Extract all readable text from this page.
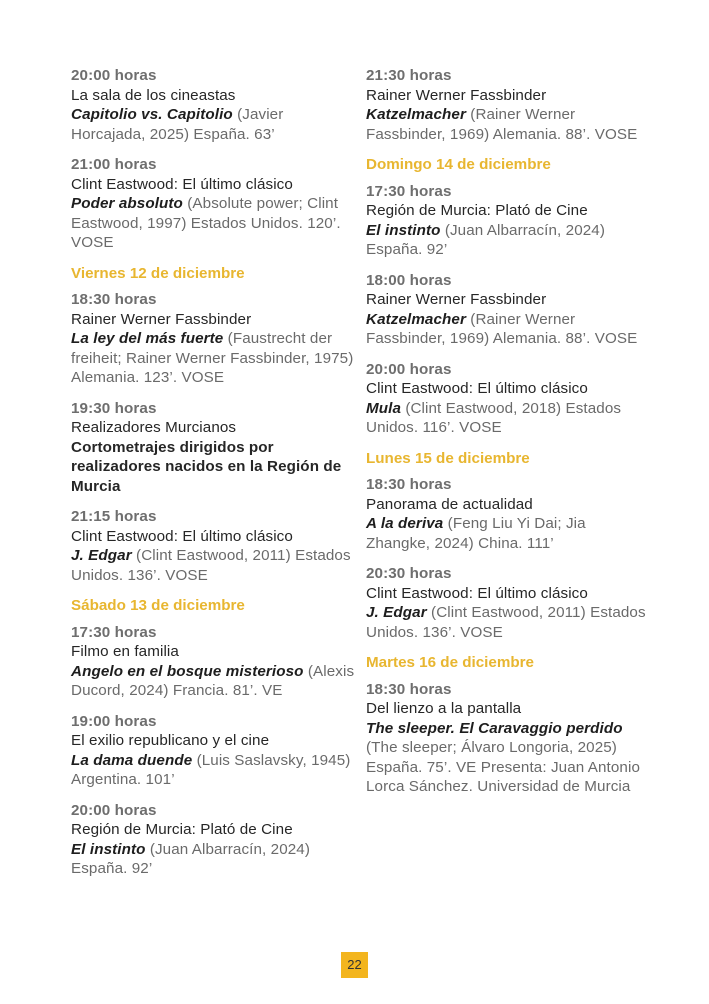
20:00 horas
La sala de los cineastas
Capitolio vs. Capitolio (Javier Horcajada, 2025) España. 63’
21:00 horas
Clint Eastwood: El último clásico
Poder absoluto (Absolute power; Clint Eastwood, 1997) Estados Unidos. 120’. VOSE
Viernes 12 de diciembre
18:30 horas
Rainer Werner Fassbinder
La ley del más fuerte (Faustrecht der freiheit; Rainer Werner Fassbinder, 1975) Alemania. 123’. VOSE
19:30 horas
Realizadores Murcianos
Cortometrajes dirigidos por realizadores nacidos en la Región de Murcia
21:15 horas
Clint Eastwood: El último clásico
J. Edgar (Clint Eastwood, 2011) Estados Unidos. 136’. VOSE
Sábado 13 de diciembre
17:30 horas
Filmo en familia
Angelo en el bosque misterioso (Alexis Ducord, 2024) Francia. 81’. VE
19:00 horas
El exilio republicano y el cine
La dama duende (Luis Saslavsky, 1945) Argentina. 101’
20:00 horas
Región de Murcia: Plató de Cine
El instinto (Juan Albarracín, 2024) España. 92’
21:30 horas
Rainer Werner Fassbinder
Katzelmacher (Rainer Werner Fassbinder, 1969) Alemania. 88’. VOSE
Domingo 14 de diciembre
17:30 horas
Región de Murcia: Plató de Cine
El instinto (Juan Albarracín, 2024) España. 92’
18:00 horas
Rainer Werner Fassbinder
Katzelmacher (Rainer Werner Fassbinder, 1969) Alemania. 88’. VOSE
20:00 horas
Clint Eastwood: El último clásico
Mula (Clint Eastwood, 2018) Estados Unidos. 116’. VOSE
Lunes 15 de diciembre
18:30 horas
Panorama de actualidad
A la deriva (Feng Liu Yi Dai; Jia Zhangke, 2024) China. 111’
20:30 horas
Clint Eastwood: El último clásico
J. Edgar (Clint Eastwood, 2011) Estados Unidos. 136’. VOSE
Martes 16 de diciembre
18:30 horas
Del lienzo a la pantalla
The sleeper. El Caravaggio perdido (The sleeper; Álvaro Longoria, 2025) España. 75’. VE Presenta: Juan Antonio Lorca Sánchez. Universidad de Murcia
22
